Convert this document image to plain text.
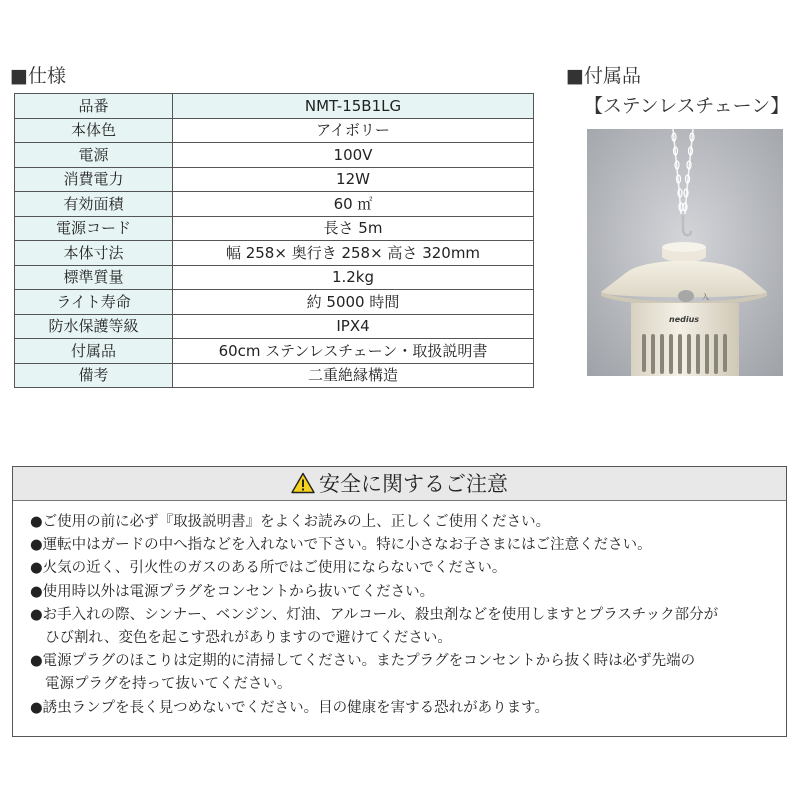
■仕様
品番	NMT-15B1LG
本体色	アイボリー
電源	100V
消費電力	12W
有効面積	60 ㎡
電源コード	長さ 5m
本体寸法	幅 258× 奥行き 258× 高さ 320mm
標準質量	1.2kg
ライト寿命	約 5000 時間
防水保護等級	IPX4
付属品	60cm ステンレスチェーン・取扱説明書
備考	二重絶縁構造
■付属品
【ステンレスチェーン】
入
nedius
安全に関するご注意
●ご使用の前に必ず『取扱説明書』をよくお読みの上、正しくご使用ください。
●運転中はガードの中へ指などを入れないで下さい。特に小さなお子さまにはご注意ください。
●火気の近く、引火性のガスのある所ではご使用にならないでください。
●使用時以外は電源プラグをコンセントから抜いてください。
●お手入れの際、シンナー、ベンジン、灯油、アルコール、殺虫剤などを使用しますとプラスチック部分が
ひび割れ、変色を起こす恐れがありますので避けてください。
●電源プラグのほこりは定期的に清掃してください。またプラグをコンセントから抜く時は必ず先端の
電源プラグを持って抜いてください。
●誘虫ランプを長く見つめないでください。目の健康を害する恐れがあります。
